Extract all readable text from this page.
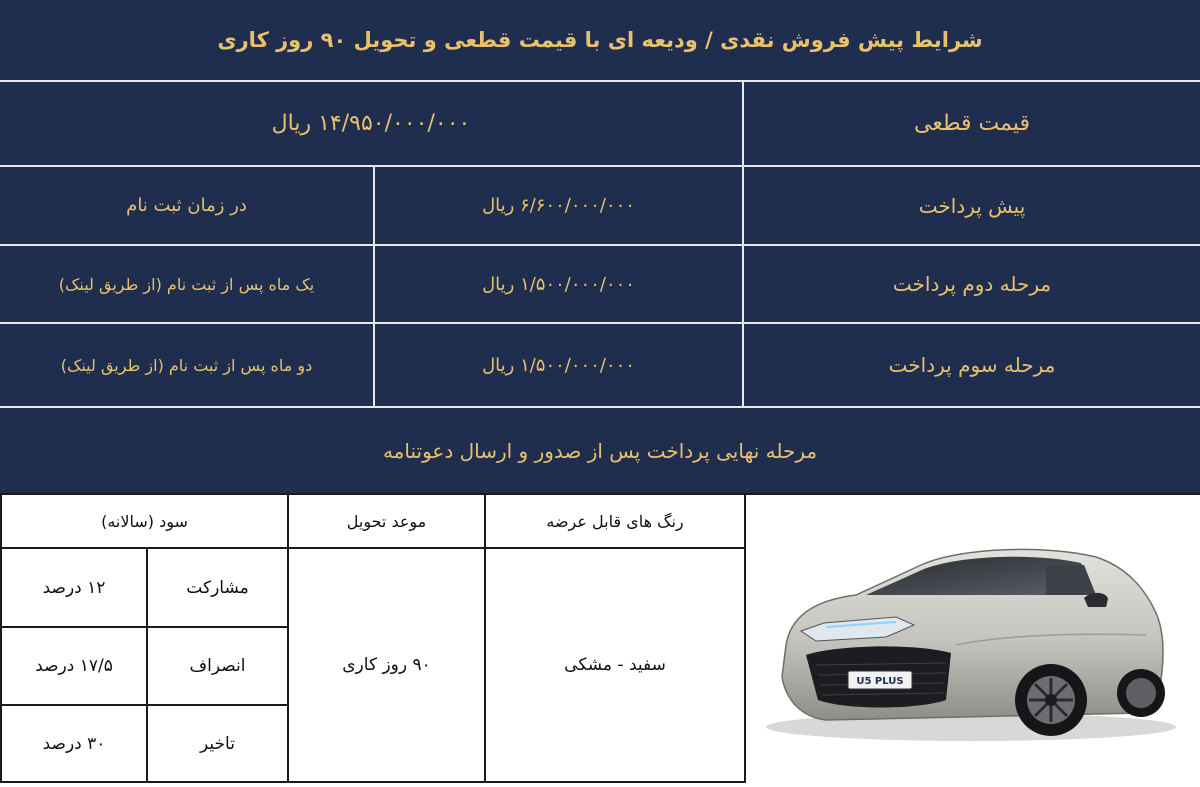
شرایط پیش فروش نقدی / ودیعه ای با قیمت قطعی و تحویل ۹۰ روز کاری
قیمت قطعی
۱۴/۹۵۰/۰۰۰/۰۰۰ ریال
پیش پرداخت
۶/۶۰۰/۰۰۰/۰۰۰ ریال
در زمان ثبت نام
مرحله دوم پرداخت
۱/۵۰۰/۰۰۰/۰۰۰ ریال
یک ماه پس از ثبت نام (از طریق لینک)
مرحله سوم پرداخت
۱/۵۰۰/۰۰۰/۰۰۰ ریال
دو ماه پس از ثبت نام (از طریق لینک)
مرحله نهایی پرداخت پس از صدور و ارسال دعوتنامه
رنگ های قابل عرضه
موعد تحویل
سود (سالانه)
سفید - مشکی
۹۰ روز کاری
مشارکت
۱۲ درصد
انصراف
۱۷/۵ درصد
تاخیر
۳۰ درصد
U5 PLUS
